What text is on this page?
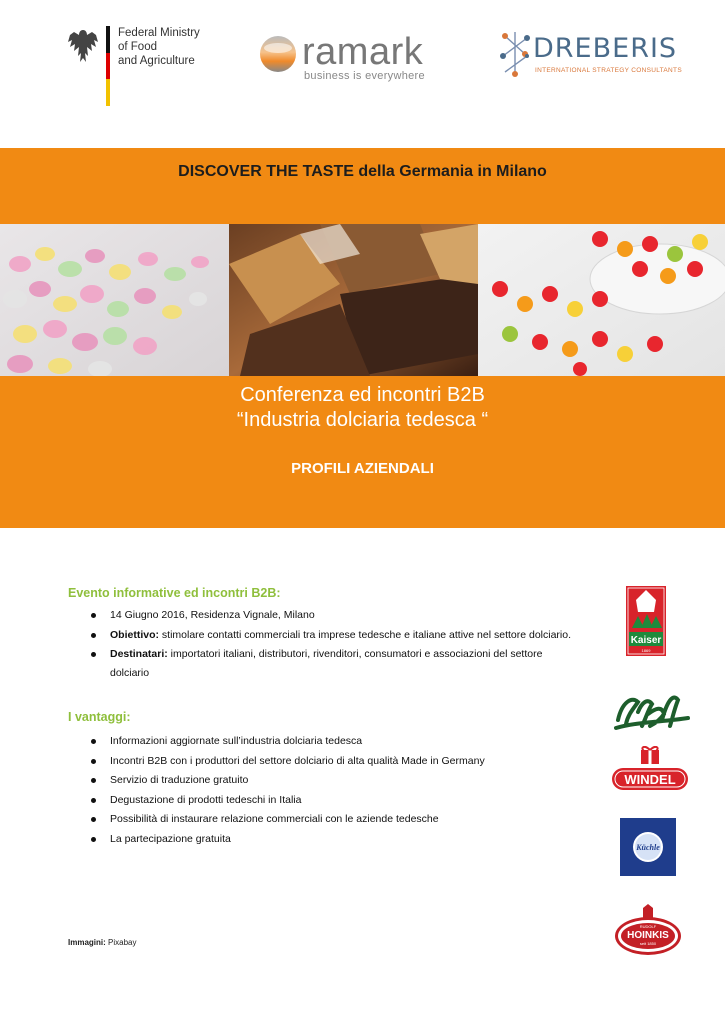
Federal Ministry
of Food
and Agriculture	ramark
business is everywhere
DREBERIS
INTERNATIONAL STRATEGY CONSULTANTS
DISCOVER THE TASTE della Germania in Milano
Conferenza ed incontri B2B
“Industria dolciaria tedesca “
PROFILI AZIENDALI
Evento informative ed incontri B2B:
14 Giugno 2016, Residenza Vignale, Milano
Obiettivo: stimolare contatti commerciali tra imprese tedesche e italiane attive nel settore dolciario.
Destinatari: importatori italiani, distributori, rivenditori, consumatori e associazioni del settore
dolciario
I vantaggi:
Informazioni aggiornate sull’industria dolciaria tedesca
Incontri B2B con i produttori del settore dolciario di alta qualità Made in Germany
Servizio di traduzione gratuito
Degustazione di prodotti tedeschi in Italia
Possibilità di instaurare relazione commerciali con le aziende tedesche
La partecipazione gratuita
Immagini: Pixabay
Kaiser
1869
WINDEL
Küchle
RUDOLF
HOINKIS
seit 1850
